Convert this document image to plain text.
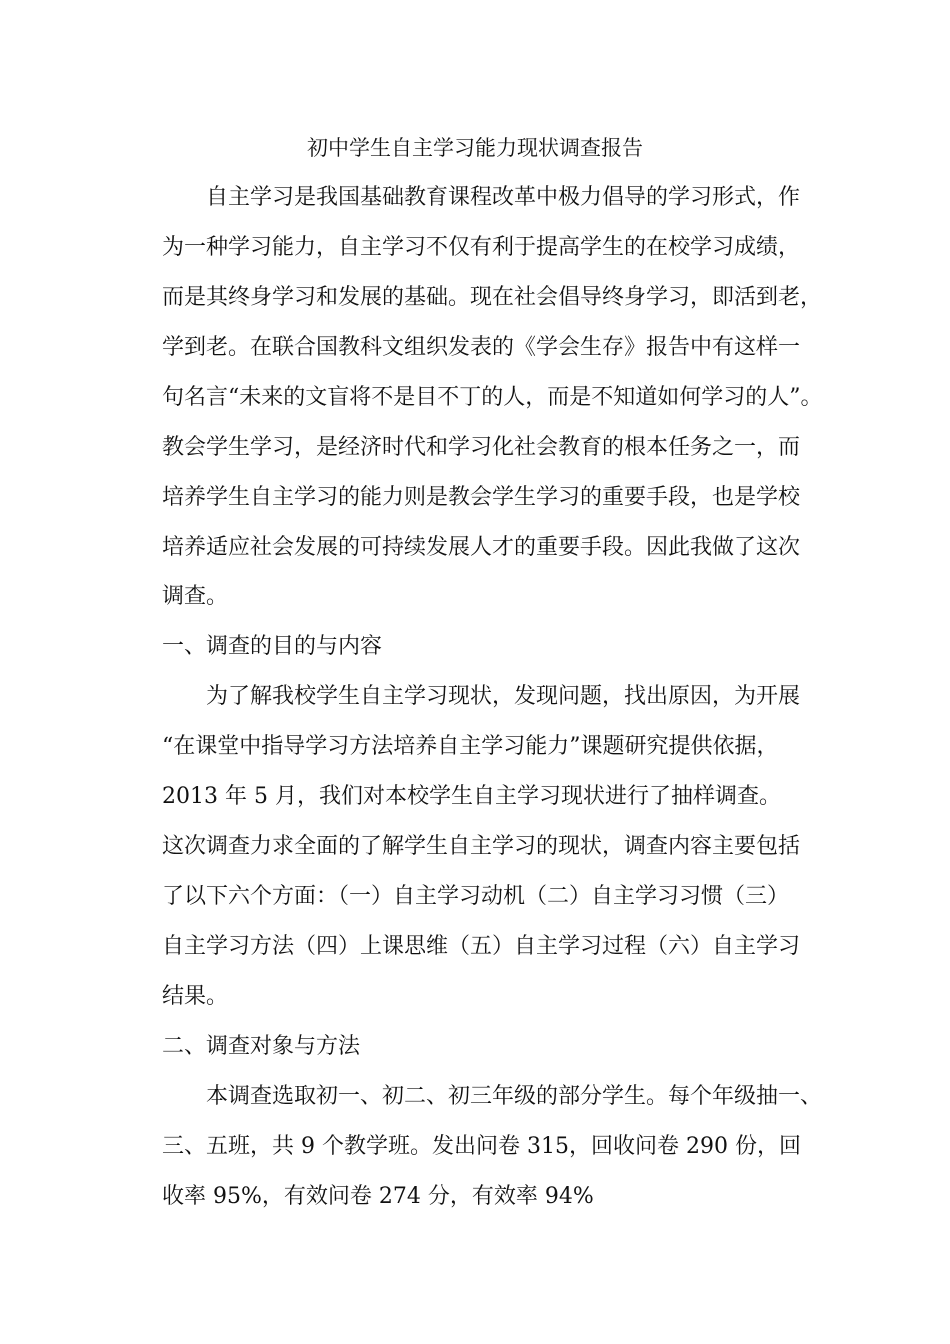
初中学生自主学习能力现状调查报告

自主学习是我国基础教育课程改革中极力倡导的学习形式，作

为一种学习能力，自主学习不仅有利于提高学生的在校学习成绩，

而是其终身学习和发展的基础。现在社会倡导终身学习，即活到老，

学到老。在联合国教科文组织发表的《学会生存》报告中有这样一

句名言“未来的文盲将不是目不丁的人，而是不知道如何学习的人”。

教会学生学习，是经济时代和学习化社会教育的根本任务之一，而

培养学生自主学习的能力则是教会学生学习的重要手段，也是学校

培养适应社会发展的可持续发展人才的重要手段。因此我做了这次

调查。

一、调查的目的与内容

为了解我校学生自主学习现状，发现问题，找出原因，为开展

“在课堂中指导学习方法培养自主学习能力”课题研究提供依据，

2013 年 5 月，我们对本校学生自主学习现状进行了抽样调查。

这次调查力求全面的了解学生自主学习的现状，调查内容主要包括

了以下六个方面：（一）自主学习动机（二）自主学习习惯（三）

自主学习方法（四）上课思维（五）自主学习过程（六）自主学习

结果。

二、调查对象与方法

本调查选取初一、初二、初三年级的部分学生。每个年级抽一、

三、五班，共 9 个教学班。发出问卷 315，回收问卷 290 份，回

收率 95%，有效问卷 274 分，有效率 94%
